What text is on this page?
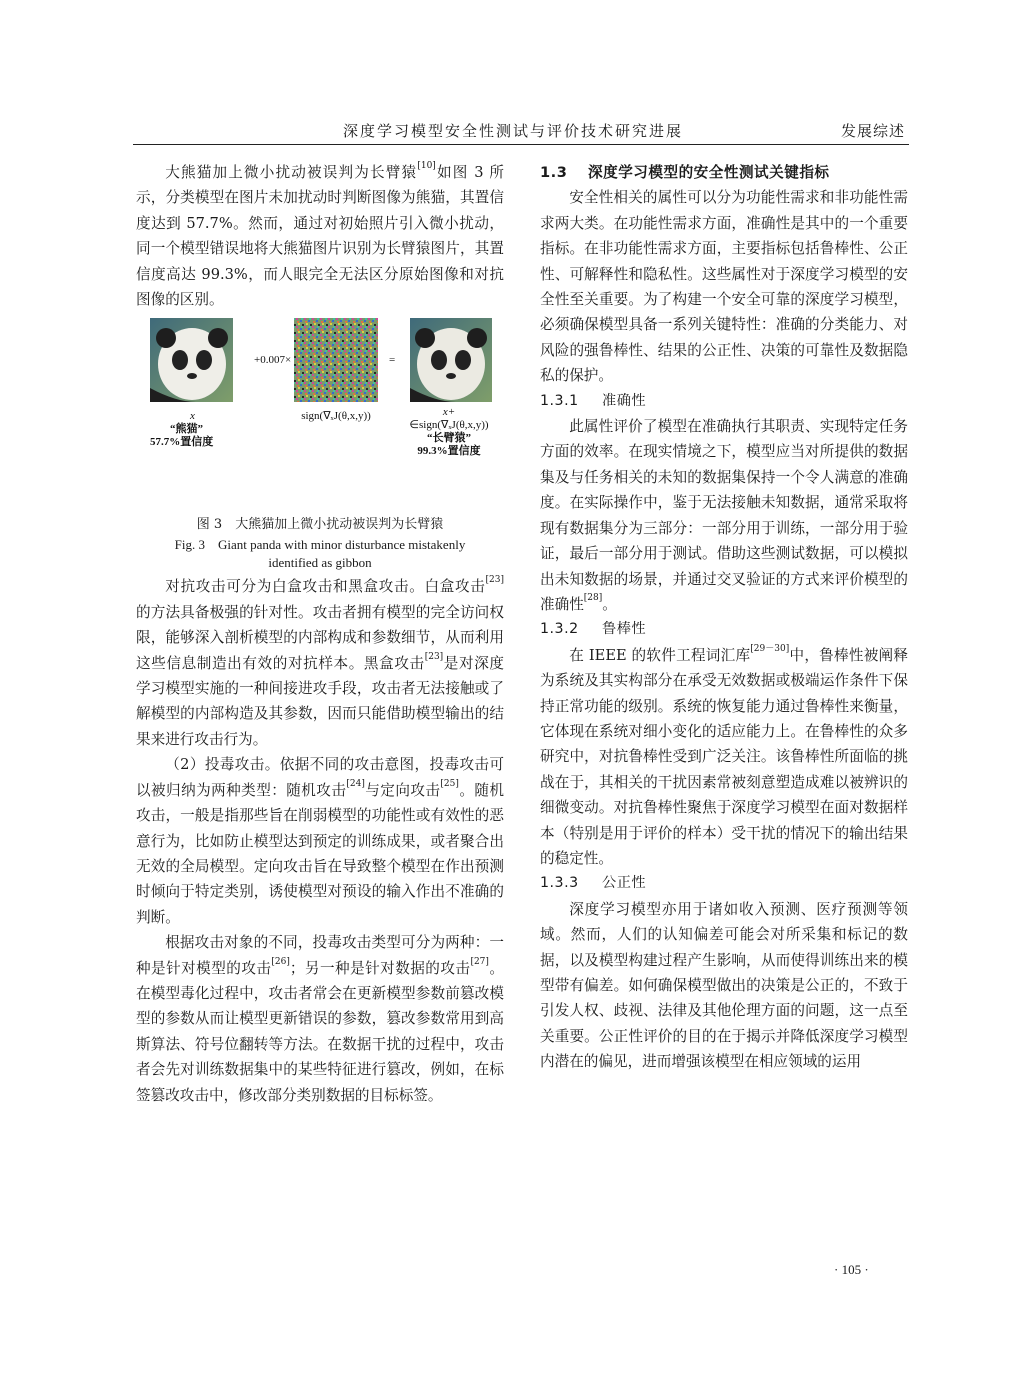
深度学习模型安全性测试与评价技术研究进展	发展综述

大熊猫加上微小扰动被误判为长臂猿[10]如图 3 所示，分类模型在图片未加扰动时判断图像为熊猫，其置信度达到 57.7%。然而，通过对初始照片引入微小扰动，同一个模型错误地将大熊猫图片识别为长臂猿图片，其置信度高达 99.3%，而人眼完全无法区分原始图像和对抗图像的区别。

+0.007×	=
x
“熊猫”
57.7%置信度
sign(∇ₓJ(θ,x,y))	x+
∈sign(∇ₓJ(θ,x,y))
“长臂猿”
99.3%置信度
图 3　大熊猫加上微小扰动被误判为长臂猿
Fig. 3　Giant panda with minor disturbance mistakenly
identified as gibbon

对抗攻击可分为白盒攻击和黑盒攻击。白盒攻击[23]的方法具备极强的针对性。攻击者拥有模型的完全访问权限，能够深入剖析模型的内部构成和参数细节，从而利用这些信息制造出有效的对抗样本。黑盒攻击[23]是对深度学习模型实施的一种间接进攻手段，攻击者无法接触或了解模型的内部构造及其参数，因而只能借助模型输出的结果来进行攻击行为。

（2）投毒攻击。依据不同的攻击意图，投毒攻击可以被归纳为两种类型：随机攻击[24]与定向攻击[25]。随机攻击，一般是指那些旨在削弱模型的功能性或有效性的恶意行为，比如防止模型达到预定的训练成果，或者聚合出无效的全局模型。定向攻击旨在导致整个模型在作出预测时倾向于特定类别，诱使模型对预设的输入作出不准确的判断。

根据攻击对象的不同，投毒攻击类型可分为两种：一种是针对模型的攻击[26]；另一种是针对数据的攻击[27]。在模型毒化过程中，攻击者常会在更新模型参数前篡改模型的参数从而让模型更新错误的参数，篡改参数常用到高斯算法、符号位翻转等方法。在数据干扰的过程中，攻击者会先对训练数据集中的某些特征进行篡改，例如，在标签篡改攻击中，修改部分类别数据的目标标签。

1.3 深度学习模型的安全性测试关键指标

安全性相关的属性可以分为功能性需求和非功能性需求两大类。在功能性需求方面，准确性是其中的一个重要指标。在非功能性需求方面，主要指标包括鲁棒性、公正性、可解释性和隐私性。这些属性对于深度学习模型的安全性至关重要。为了构建一个安全可靠的深度学习模型，必须确保模型具备一系列关键特性：准确的分类能力、对风险的强鲁棒性、结果的公正性、决策的可靠性及数据隐私的保护。

1.3.1 准确性

此属性评价了模型在准确执行其职责、实现特定任务方面的效率。在现实情境之下，模型应当对所提供的数据集及与任务相关的未知的数据集保持一个令人满意的准确度。在实际操作中，鉴于无法接触未知数据，通常采取将现有数据集分为三部分：一部分用于训练，一部分用于验证，最后一部分用于测试。借助这些测试数据，可以模拟出未知数据的场景，并通过交叉验证的方式来评价模型的准确性[28]。

1.3.2 鲁棒性

在 IEEE 的软件工程词汇库[29－30]中，鲁棒性被阐释为系统及其实构部分在承受无效数据或极端运作条件下保持正常功能的级别。系统的恢复能力通过鲁棒性来衡量，它体现在系统对细小变化的适应能力上。在鲁棒性的众多研究中，对抗鲁棒性受到广泛关注。该鲁棒性所面临的挑战在于，其相关的干扰因素常被刻意塑造成难以被辨识的细微变动。对抗鲁棒性聚焦于深度学习模型在面对数据样本（特别是用于评价的样本）受干扰的情况下的输出结果的稳定性。

1.3.3 公正性

深度学习模型亦用于诸如收入预测、医疗预测等领域。然而，人们的认知偏差可能会对所采集和标记的数据，以及模型构建过程产生影响，从而使得训练出来的模型带有偏差。如何确保模型做出的决策是公正的，不致于引发人权、歧视、法律及其他伦理方面的问题，这一点至关重要。公正性评价的目的在于揭示并降低深度学习模型内潜在的偏见，进而增强该模型在相应领域的运用

· 105 ·
